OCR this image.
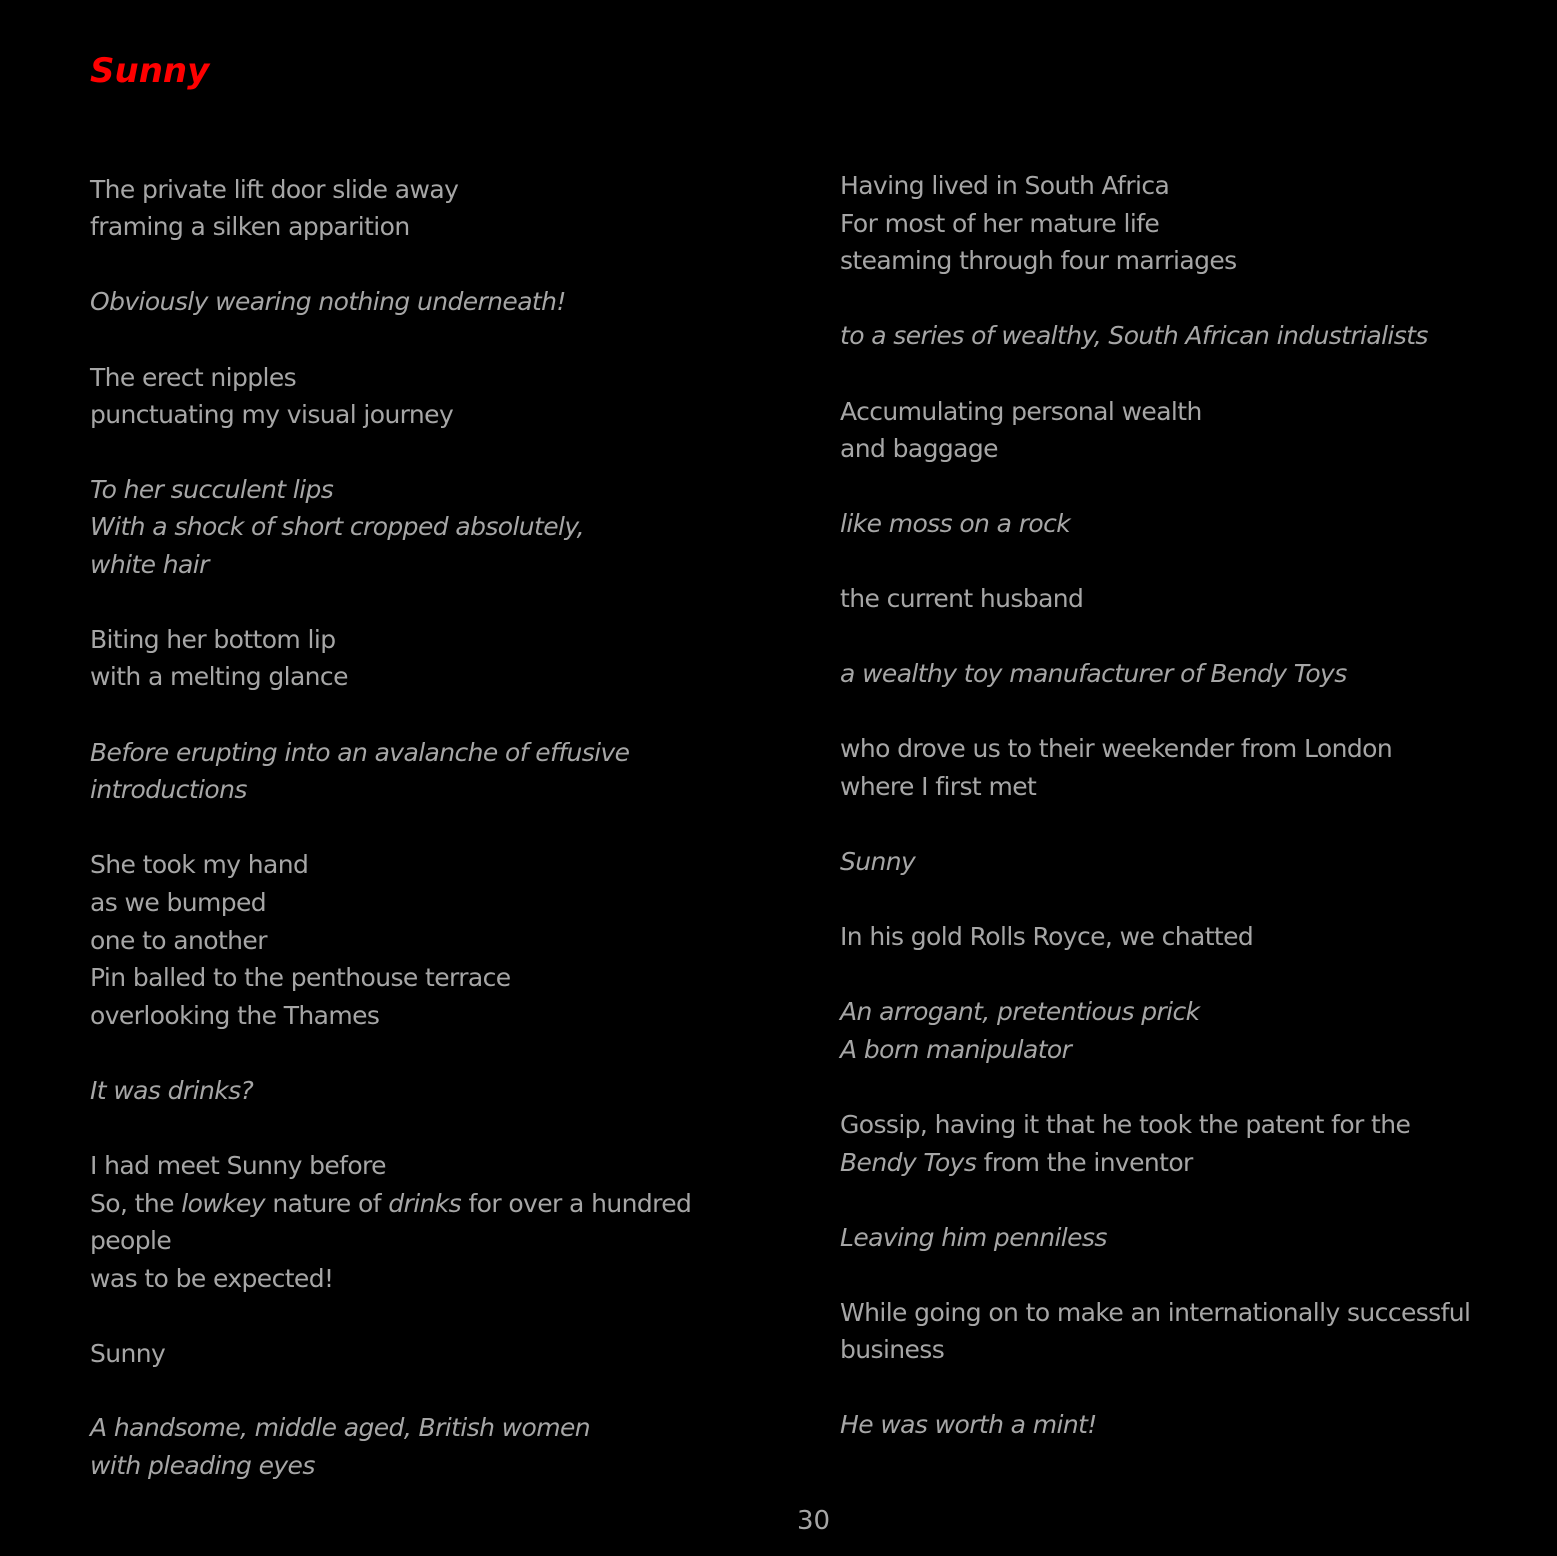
Sunny
The private lift door slide away
framing a silken apparition
Obviously wearing nothing underneath!
The erect nipples
punctuating my visual journey
To her succulent lips
With a shock of short cropped absolutely,
white hair
Biting her bottom lip
with a melting glance
Before erupting into an avalanche of effusive
introductions
She took my hand
as we bumped
one to another
Pin balled to the penthouse terrace
overlooking the Thames
It was drinks?
I had meet Sunny before
So, the lowkey nature of drinks for over a hundred
people
was to be expected!
Sunny
A handsome, middle aged, British women
with pleading eyes
Having lived in South Africa
For most of her mature life
steaming through four marriages
to a series of wealthy, South African industrialists
Accumulating personal wealth
and baggage
like moss on a rock
the current husband
a wealthy toy manufacturer of Bendy Toys
who drove us to their weekender from London
where I first met
Sunny
In his gold Rolls Royce, we chatted
An arrogant, pretentious prick
A born manipulator
Gossip, having it that he took the patent for the
Bendy Toys from the inventor
Leaving him penniless
While going on to make an internationally successful
business
He was worth a mint!
30
